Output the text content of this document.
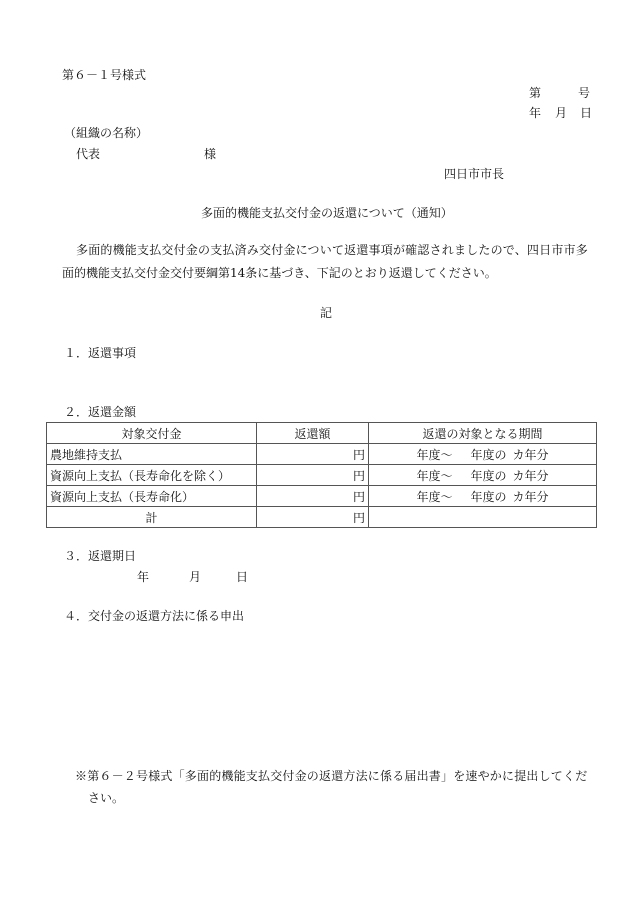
第６－１号様式
第	号
年 月 日
（組織の名称）
代表	様
四日市市長
多面的機能支払交付金の返還について（通知）
多面的機能支払交付金の支払済み交付金について返還事項が確認されましたので、四日市市多
面的機能支払交付金交付要綱第14条に基づき、下記のとおり返還してください。
記
１．返還事項
２．返還金額
対象交付金	返還額	返還の対象となる期間
農地維持支払	円	年度～   年度の  カ年分
資源向上支払（長寿命化を除く）	円	年度～   年度の  カ年分
資源向上支払（長寿命化）	円	年度～   年度の  カ年分
計	円	
３．返還期日
年	月	日
４．交付金の返還方法に係る申出
※第６－２号様式「多面的機能支払交付金の返還方法に係る届出書」を速やかに提出してくだ
さい。
